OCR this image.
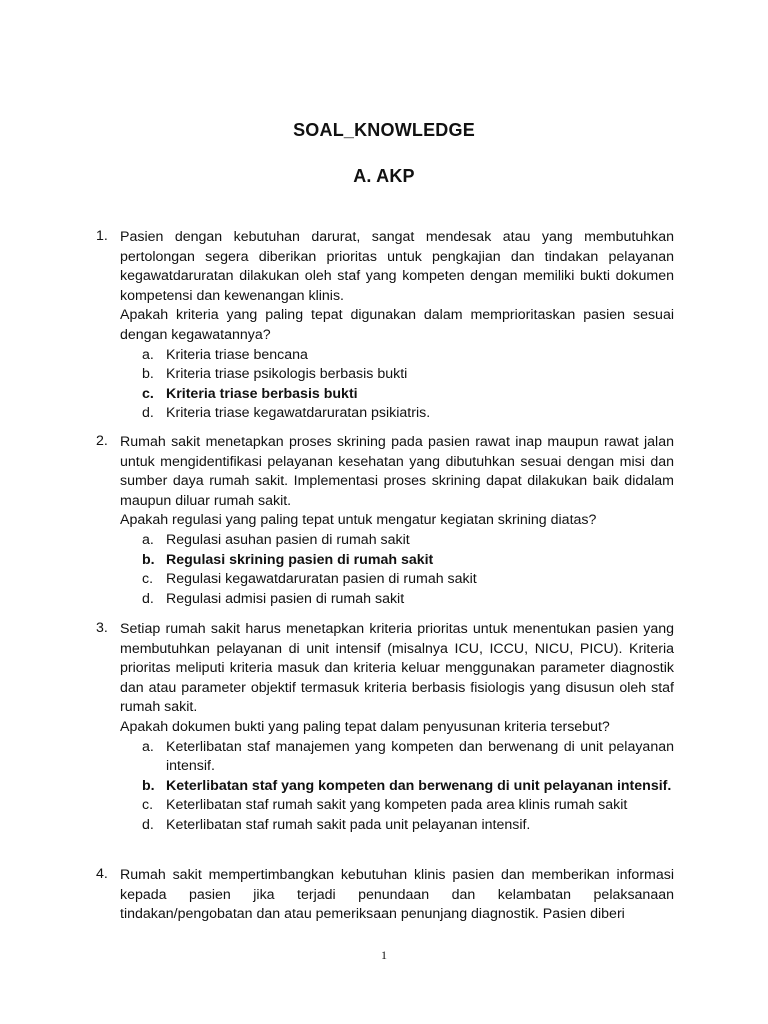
SOAL_KNOWLEDGE
A. AKP
1. Pasien dengan kebutuhan darurat, sangat mendesak atau yang membutuhkan pertolongan segera diberikan prioritas untuk pengkajian dan tindakan pelayanan kegawatdaruratan dilakukan oleh staf yang kompeten dengan memiliki bukti dokumen kompetensi dan kewenangan klinis.

Apakah kriteria yang paling tepat digunakan dalam memprioritaskan pasien sesuai dengan kegawatannya?

a. Kriteria triase bencana
b. Kriteria triase psikologis berbasis bukti
c. Kriteria triase berbasis bukti
d. Kriteria triase kegawatdaruratan psikiatris.
2. Rumah sakit menetapkan proses skrining pada pasien rawat inap maupun rawat jalan untuk mengidentifikasi pelayanan kesehatan yang dibutuhkan sesuai dengan misi dan sumber daya rumah sakit. Implementasi proses skrining dapat dilakukan baik didalam maupun diluar rumah sakit.

Apakah regulasi yang paling tepat untuk mengatur kegiatan skrining diatas?

a. Regulasi asuhan pasien di rumah sakit
b. Regulasi skrining pasien di rumah sakit
c. Regulasi kegawatdaruratan pasien di rumah sakit
d. Regulasi admisi pasien di rumah sakit
3. Setiap rumah sakit harus menetapkan kriteria prioritas untuk menentukan pasien yang membutuhkan pelayanan di unit intensif (misalnya ICU, ICCU, NICU, PICU). Kriteria prioritas meliputi kriteria masuk dan kriteria keluar menggunakan parameter diagnostik dan atau parameter objektif termasuk kriteria berbasis fisiologis yang disusun oleh staf rumah sakit.

Apakah dokumen bukti yang paling tepat dalam penyusunan kriteria tersebut?

a. Keterlibatan staf manajemen yang kompeten dan berwenang di unit pelayanan intensif.
b. Keterlibatan staf yang kompeten dan berwenang di unit pelayanan intensif.
c. Keterlibatan staf rumah sakit yang kompeten pada area klinis rumah sakit
d. Keterlibatan staf rumah sakit pada unit pelayanan intensif.
4. Rumah sakit mempertimbangkan kebutuhan klinis pasien dan memberikan informasi kepada pasien jika terjadi penundaan dan kelambatan pelaksanaan tindakan/pengobatan dan atau pemeriksaan penunjang diagnostik. Pasien diberi

1
